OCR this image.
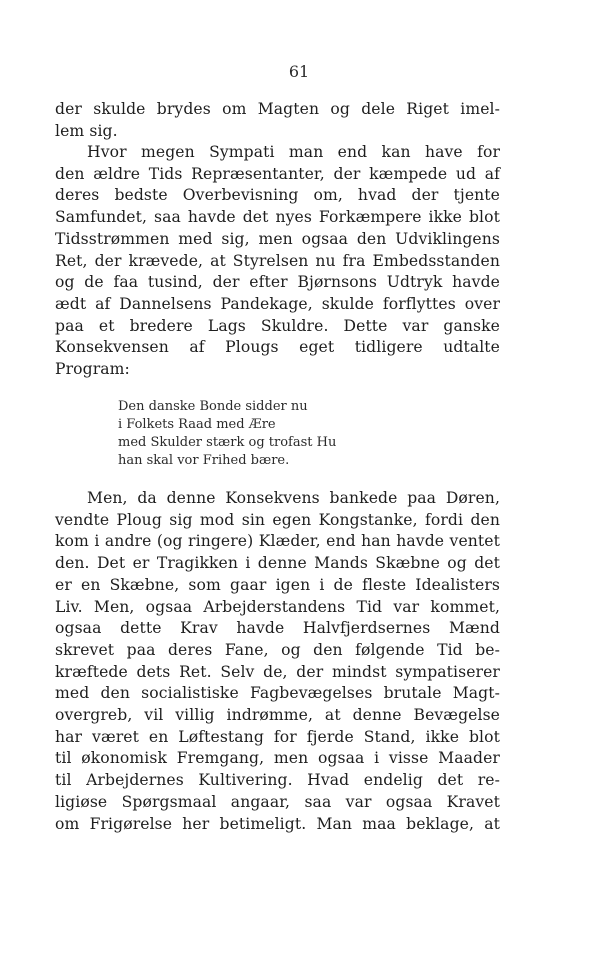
61
der skulde brydes om Magten og dele Riget imel-
lem sig.
Hvor megen Sympati man end kan have for
den ældre Tids Repræsentanter, der kæmpede ud af
deres bedste Overbevisning om, hvad der tjente
Samfundet, saa havde det nyes Forkæmpere ikke blot
Tidsstrømmen med sig, men ogsaa den Udviklingens
Ret, der krævede, at Styrelsen nu fra Embedsstanden
og de faa tusind, der efter Bjørnsons Udtryk havde
ædt af Dannelsens Pandekage, skulde forflyttes over
paa et bredere Lags Skuldre. Dette var ganske
Konsekvensen af Plougs eget tidligere udtalte
Program:
Den danske Bonde sidder nu
i Folkets Raad med Ære
med Skulder stærk og trofast Hu
han skal vor Frihed bære.
Men, da denne Konsekvens bankede paa Døren,
vendte Ploug sig mod sin egen Kongstanke, fordi den
kom i andre (og ringere) Klæder, end han havde ventet
den. Det er Tragikken i denne Mands Skæbne og det
er en Skæbne, som gaar igen i de fleste Idealisters
Liv. Men, ogsaa Arbejderstandens Tid var kommet,
ogsaa dette Krav havde Halvfjerdsernes Mænd
skrevet paa deres Fane, og den følgende Tid be-
kræftede dets Ret. Selv de, der mindst sympatiserer
med den socialistiske Fagbevægelses brutale Magt-
overgreb, vil villig indrømme, at denne Bevægelse
har været en Løftestang for fjerde Stand, ikke blot
til økonomisk Fremgang, men ogsaa i visse Maader
til Arbejdernes Kultivering. Hvad endelig det re-
ligiøse Spørgsmaal angaar, saa var ogsaa Kravet
om Frigørelse her betimeligt. Man maa beklage, at
